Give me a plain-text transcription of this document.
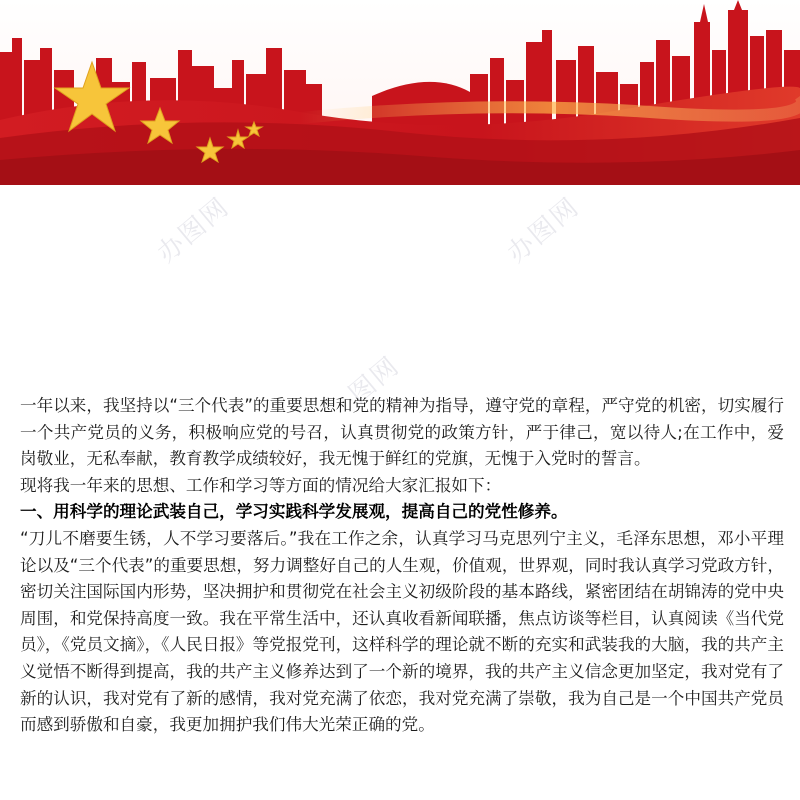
办图网	办图网
图网

一年以来，我坚持以“三个代表”的重要思想和党的精神为指导，遵守党的章程，严守党的机密，切实履行一个共产党员的义务，积极响应党的号召，认真贯彻党的政策方针，严于律己，宽以待人;在工作中，爱岗敬业，无私奉献，教育教学成绩较好，我无愧于鲜红的党旗，无愧于入党时的誓言。

现将我一年来的思想、工作和学习等方面的情况给大家汇报如下：

一、用科学的理论武装自己，学习实践科学发展观，提高自己的党性修养。

“刀儿不磨要生锈，人不学习要落后。”我在工作之余，认真学习马克思列宁主义，毛泽东思想，邓小平理论以及“三个代表”的重要思想，努力调整好自己的人生观，价值观，世界观，同时我认真学习党政方针，密切关注国际国内形势，坚决拥护和贯彻党在社会主义初级阶段的基本路线，紧密团结在胡锦涛的党中央周围，和党保持高度一致。我在平常生活中，还认真收看新闻联播，焦点访谈等栏目，认真阅读《当代党员》，《党员文摘》，《人民日报》等党报党刊，这样科学的理论就不断的充实和武装我的大脑，我的共产主义觉悟不断得到提高，我的共产主义修养达到了一个新的境界，我的共产主义信念更加坚定，我对党有了新的认识，我对党有了新的感情，我对党充满了依恋，我对党充满了崇敬，我为自己是一个中国共产党员而感到骄傲和自豪，我更加拥护我们伟大光荣正确的党。
